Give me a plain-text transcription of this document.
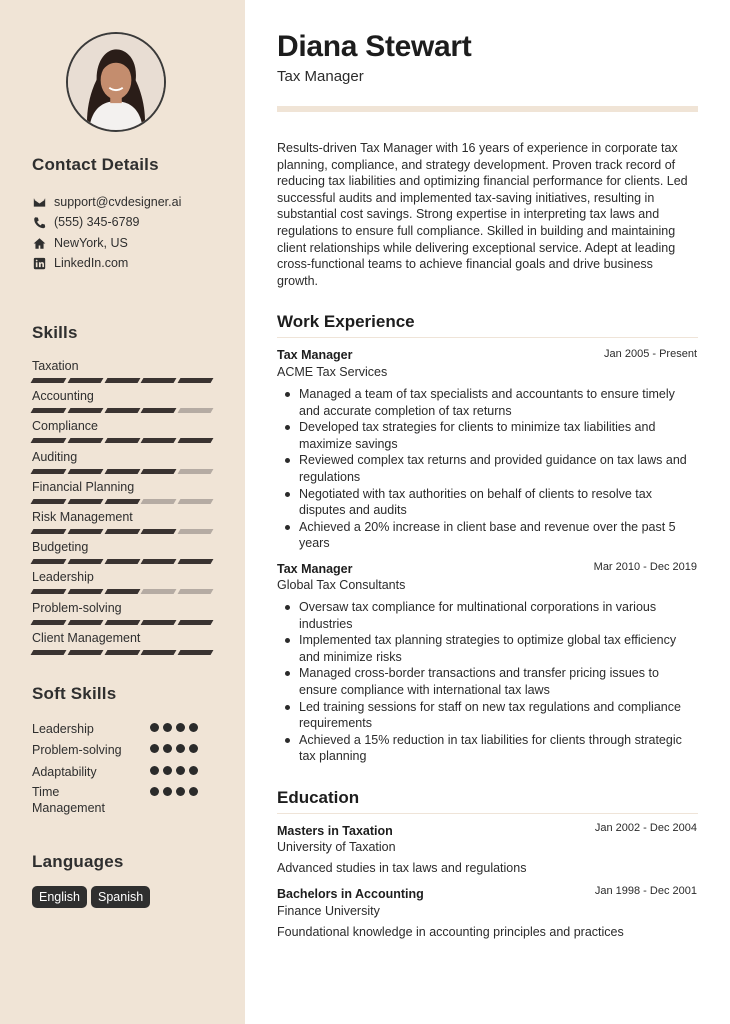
Contact Details
support@cvdesigner.ai
(555) 345-6789
NewYork, US
LinkedIn.com
Skills
Taxation
Accounting
Compliance
Auditing
Financial Planning
Risk Management
Budgeting
Leadership
Problem-solving
Client Management
Soft Skills
Leadership
Problem-solving
Adaptability
Time Management
Languages
English	Spanish
Diana Stewart
Tax Manager
Results-driven Tax Manager with 16 years of experience in corporate tax planning, compliance, and strategy development. Proven track record of reducing tax liabilities and optimizing financial performance for clients. Led successful audits and implemented tax-saving initiatives, resulting in substantial cost savings. Strong expertise in interpreting tax laws and regulations to ensure full compliance. Skilled in building and maintaining client relationships while delivering exceptional service. Adept at leading cross-functional teams to achieve financial goals and drive business growth.
Work Experience
Tax Manager	Jan 2005 - Present
ACME Tax Services
Managed a team of tax specialists and accountants to ensure timely and accurate completion of tax returns
Developed tax strategies for clients to minimize tax liabilities and maximize savings
Reviewed complex tax returns and provided guidance on tax laws and regulations
Negotiated with tax authorities on behalf of clients to resolve tax disputes and audits
Achieved a 20% increase in client base and revenue over the past 5 years
Tax Manager	Mar 2010 - Dec 2019
Global Tax Consultants
Oversaw tax compliance for multinational corporations in various industries
Implemented tax planning strategies to optimize global tax efficiency and minimize risks
Managed cross-border transactions and transfer pricing issues to ensure compliance with international tax laws
Led training sessions for staff on new tax regulations and compliance requirements
Achieved a 15% reduction in tax liabilities for clients through strategic tax planning
Education
Masters in Taxation	Jan 2002 - Dec 2004
University of Taxation
Advanced studies in tax laws and regulations
Bachelors in Accounting	Jan 1998 - Dec 2001
Finance University
Foundational knowledge in accounting principles and practices
